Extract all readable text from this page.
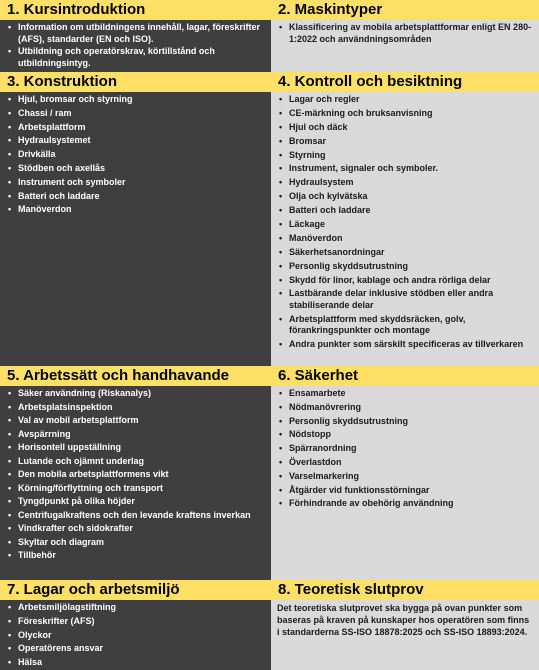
1. Kursintroduktion
• Information om utbildningens innehåll, lagar, föreskrifter (AFS), standarder (EN och ISO).
• Utbildning och operatörskrav, körtillstånd och utbildningsintyg.
2. Maskintyper
• Klassificering av mobila arbetsplattformar enligt EN 280-1:2022 och användningsområden
3. Konstruktion
• Hjul, bromsar och styrning
• Chassi / ram
• Arbetsplattform
• Hydraulsystemet
• Drivkälla
• Stödben och axellås
• Instrument och symboler
• Batteri och laddare
• Manöverdon
4. Kontroll och besiktning
• Lagar och regler
• CE-märkning och bruksanvisning
• Hjul och däck
• Bromsar
• Styrning
• Instrument, signaler och symboler.
• Hydraulsystem
• Olja och kylvätska
• Batteri och laddare
• Läckage
• Manöverdon
• Säkerhetsanordningar
• Personlig skyddsutrustning
• Skydd för linor, kablage och andra rörliga delar
• Lastbärande delar inklusive stödben eller andra stabiliserande delar
• Arbetsplattform med skyddsräcken, golv, förankringspunkter och montage
• Andra punkter som särskilt specificeras av tillverkaren
5. Arbetssätt och handhavande
• Säker användning (Riskanalys)
• Arbetsplatsinspektion
• Val av mobil arbetsplattform
• Avspärrning
• Horisontell uppställning
• Lutande och ojämnt underlag
• Den mobila arbetsplattformens vikt
• Körning/förflyttning och transport
• Tyngdpunkt på olika höjder
• Centrifugalkraftens och den levande kraftens inverkan
• Vindkrafter och sidokrafter
• Skyltar och diagram
• Tillbehör
6. Säkerhet
• Ensamarbete
• Nödmanövrering
• Personlig skyddsutrustning
• Nödstopp
• Spärranordning
• Överlastdon
• Varselmarkering
• Åtgärder vid funktionsstörningar
• Förhindrande av obehörig användning
7. Lagar och arbetsmiljö
• Arbetsmiljölagstiftning
• Föreskrifter (AFS)
• Olyckor
• Operatörens ansvar
• Hälsa
8. Teoretisk slutprov

Det teoretiska slutprovet ska bygga på ovan punkter som baseras på kraven på kunskaper hos operatören som finns i standarderna SS-ISO 18878:2025 och SS-ISO 18893:2024.
